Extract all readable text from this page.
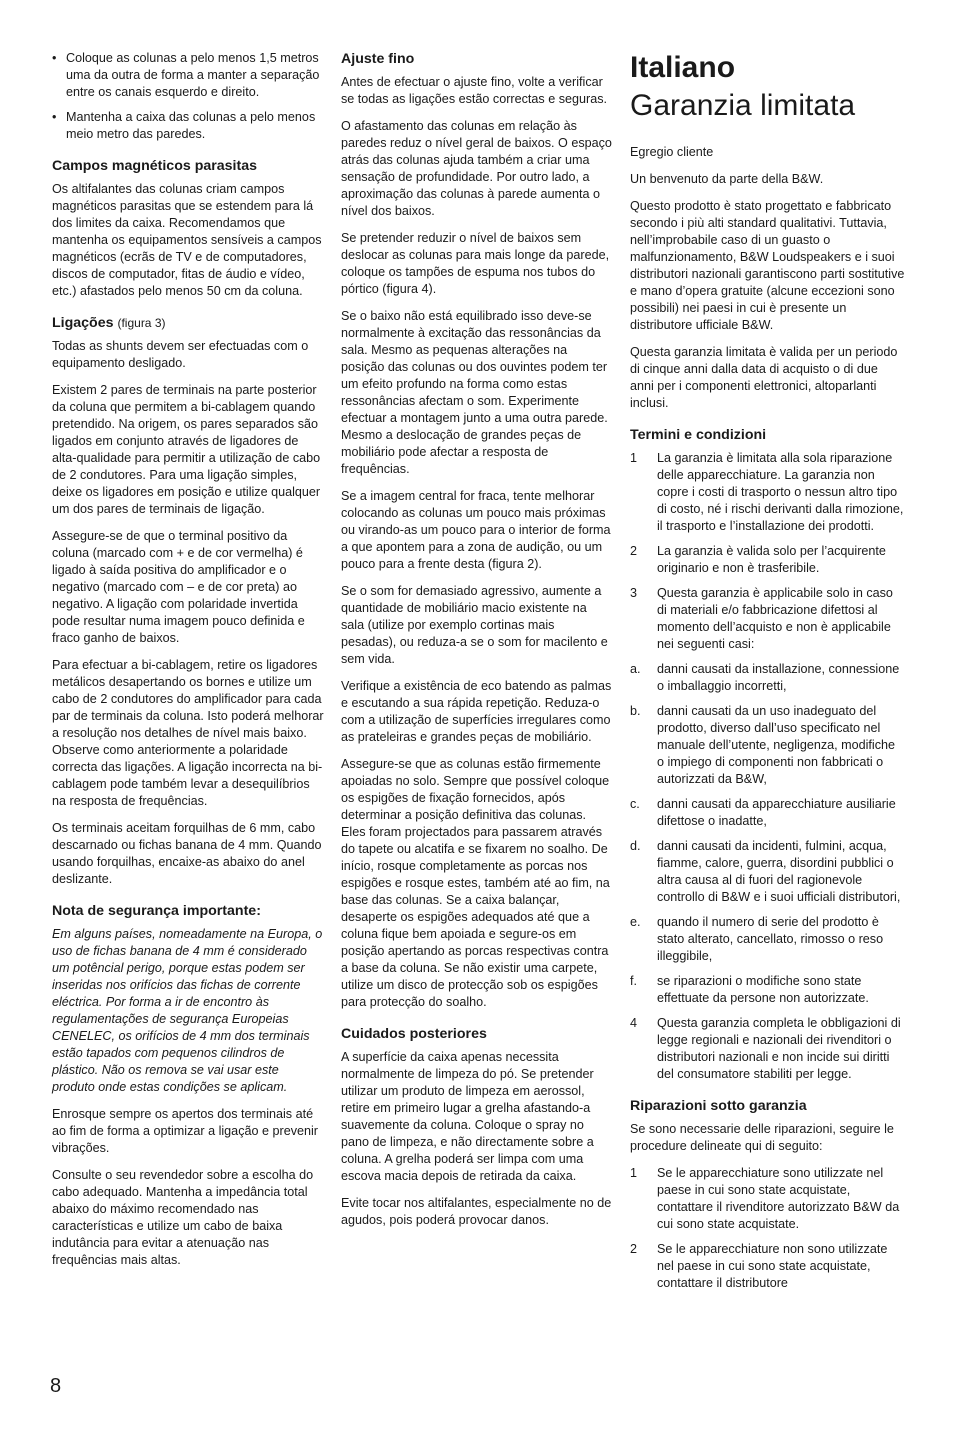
• Coloque as colunas a pelo menos 1,5 metros uma da outra de forma a manter a separação entre os canais esquerdo e direito.
• Mantenha a caixa das colunas a pelo menos meio metro das paredes.
Campos magnéticos parasitas

Os altifalantes das colunas criam campos magnéticos parasitas que se estendem para lá dos limites da caixa. Recomendamos que mantenha os equipamentos sensíveis a campos magnéticos (ecrãs de TV e de computadores, discos de computador, fitas de áudio e vídeo, etc.) afastados pelo menos 50 cm da coluna.

Ligações (figura 3)

Todas as shunts devem ser efectuadas com o equipamento desligado.

Existem 2 pares de terminais na parte posterior da coluna que permitem a bi-cablagem quando pretendido. Na origem, os pares separados são ligados em conjunto através de ligadores de alta-qualidade para permitir a utilização de cabo de 2 condutores. Para uma ligação simples, deixe os ligadores em posição e utilize qualquer um dos pares de terminais de ligação.

Assegure-se de que o terminal positivo da coluna (marcado com + e de cor vermelha) é ligado à saída positiva do amplificador e o negativo (marcado com – e de cor preta) ao negativo. A ligação com polaridade invertida pode resultar numa imagem pouco definida e fraco ganho de baixos.

Para efectuar a bi-cablagem, retire os ligadores metálicos desapertando os bornes e utilize um cabo de 2 condutores do amplificador para cada par de terminais da coluna. Isto poderá melhorar a resolução nos detalhes de nível mais baixo. Observe como anteriormente a polaridade correcta das ligações. A ligação incorrecta na bi-cablagem pode também levar a desequilíbrios na resposta de frequências.

Os terminais aceitam forquilhas de 6 mm, cabo descarnado ou fichas banana de 4 mm. Quando usando forquilhas, encaixe-as abaixo do anel deslizante.

Nota de segurança importante:

Em alguns países, nomeadamente na Europa, o uso de fichas banana de 4 mm é considerado um potêncial perigo, porque estas podem ser inseridas nos orifícios das fichas de corrente eléctrica. Por forma a ir de encontro às regulamentações de segurança Europeias CENELEC, os orifícios de 4 mm dos terminais estão tapados com pequenos cilindros de plástico. Não os remova se vai usar este produto onde estas condições se aplicam.

Enrosque sempre os apertos dos terminais até ao fim de forma a optimizar a ligação e prevenir vibrações.

Consulte o seu revendedor sobre a escolha do cabo adequado. Mantenha a impedância total abaixo do máximo recomendado nas características e utilize um cabo de baixa indutância para evitar a atenuação nas frequências mais altas.

Ajuste fino

Antes de efectuar o ajuste fino, volte a verificar se todas as ligações estão correctas e seguras.

O afastamento das colunas em relação às paredes reduz o nível geral de baixos. O espaço atrás das colunas ajuda também a criar uma sensação de profundidade. Por outro lado, a aproximação das colunas à parede aumenta o nível dos baixos.

Se pretender reduzir o nível de baixos sem deslocar as colunas para mais longe da parede, coloque os tampões de espuma nos tubos do pórtico (figura 4).

Se o baixo não está equilibrado isso deve-se normalmente à excitação das ressonâncias da sala. Mesmo as pequenas alterações na posição das colunas ou dos ouvintes podem ter um efeito profundo na forma como estas ressonâncias afectam o som. Experimente efectuar a montagem junto a uma outra parede. Mesmo a deslocação de grandes peças de mobiliário pode afectar a resposta de frequências.

Se a imagem central for fraca, tente melhorar colocando as colunas um pouco mais próximas ou virando-as um pouco para o interior de forma a que apontem para a zona de audição, ou um pouco para a frente desta (figura 2).

Se o som for demasiado agressivo, aumente a quantidade de mobiliário macio existente na sala (utilize por exemplo cortinas mais pesadas), ou reduza-a se o som for macilento e sem vida.

Verifique a existência de eco batendo as palmas e escutando a sua rápida repetição. Reduza-o com a utilização de superfícies irregulares como as prateleiras e grandes peças de mobiliário.

Assegure-se que as colunas estão firmemente apoiadas no solo. Sempre que possível coloque os espigões de fixação fornecidos, após determinar a posição definitiva das colunas. Eles foram projectados para passarem através do tapete ou alcatifa e se fixarem no soalho. De início, rosque completamente as porcas nos espigões e rosque estes, também até ao fim, na base das colunas. Se a caixa balançar, desaperte os espigões adequados até que a coluna fique bem apoiada e segure-os em posição apertando as porcas respectivas contra a base da coluna. Se não existir uma carpete, utilize um disco de protecção sob os espigões para protecção do soalho.

Cuidados posteriores

A superfície da caixa apenas necessita normalmente de limpeza do pó. Se pretender utilizar um produto de limpeza em aerossol, retire em primeiro lugar a grelha afastando-a suavemente da coluna. Coloque o spray no pano de limpeza, e não directamente sobre a coluna. A grelha poderá ser limpa com uma escova macia depois de retirada da caixa.

Evite tocar nos altifalantes, especialmente no de agudos, pois poderá provocar danos.

Italiano
Garanzia limitata

Egregio cliente

Un benvenuto da parte della B&W.

Questo prodotto è stato progettato e fabbricato secondo i più alti standard qualitativi. Tuttavia, nell’improbabile caso di un guasto o malfunzionamento, B&W Loudspeakers e i suoi distributori nazionali garantiscono parti sostitutive e mano d’opera gratuite (alcune eccezioni sono possibili) nei paesi in cui è presente un distributore ufficiale B&W.

Questa garanzia limitata è valida per un periodo di cinque anni dalla data di acquisto o di due anni per i componenti elettronici, altoparlanti inclusi.

Termini e condizioni
1 La garanzia è limitata alla sola riparazione delle apparecchiature. La garanzia non copre i costi di trasporto o nessun altro tipo di costo, né i rischi derivanti dalla rimozione, il trasporto e l’installazione dei prodotti.
2 La garanzia è valida solo per l’acquirente originario e non è trasferibile.
3 Questa garanzia è applicabile solo in caso di materiali e/o fabbricazione difettosi al momento dell’acquisto e non è applicabile nei seguenti casi:
a. danni causati da installazione, connessione o imballaggio incorretti,
b. danni causati da un uso inadeguato del prodotto, diverso dall’uso specificato nel manuale dell’utente, negligenza, modifiche o impiego di componenti non fabbricati o autorizzati da B&W,
c. danni causati da apparecchiature ausiliarie difettose o inadatte,
d. danni causati da incidenti, fulmini, acqua, fiamme, calore, guerra, disordini pubblici o altra causa al di fuori del ragionevole controllo di B&W e i suoi ufficiali distributori,
e. quando il numero di serie del prodotto è stato alterato, cancellato, rimosso o reso illeggibile,
f. se riparazioni o modifiche sono state effettuate da persone non autorizzate.
4 Questa garanzia completa le obbligazioni di legge regionali e nazionali dei rivenditori o distributori nazionali e non incide sui diritti del consumatore stabiliti per legge.
Riparazioni sotto garanzia

Se sono necessarie delle riparazioni, seguire le procedure delineate qui di seguito:

1 Se le apparecchiature sono utilizzate nel paese in cui sono state acquistate, contattare il rivenditore autorizzato B&W da cui sono state acquistate.
2 Se le apparecchiature non sono utilizzate nel paese in cui sono state acquistate, contattare il distributore
8
